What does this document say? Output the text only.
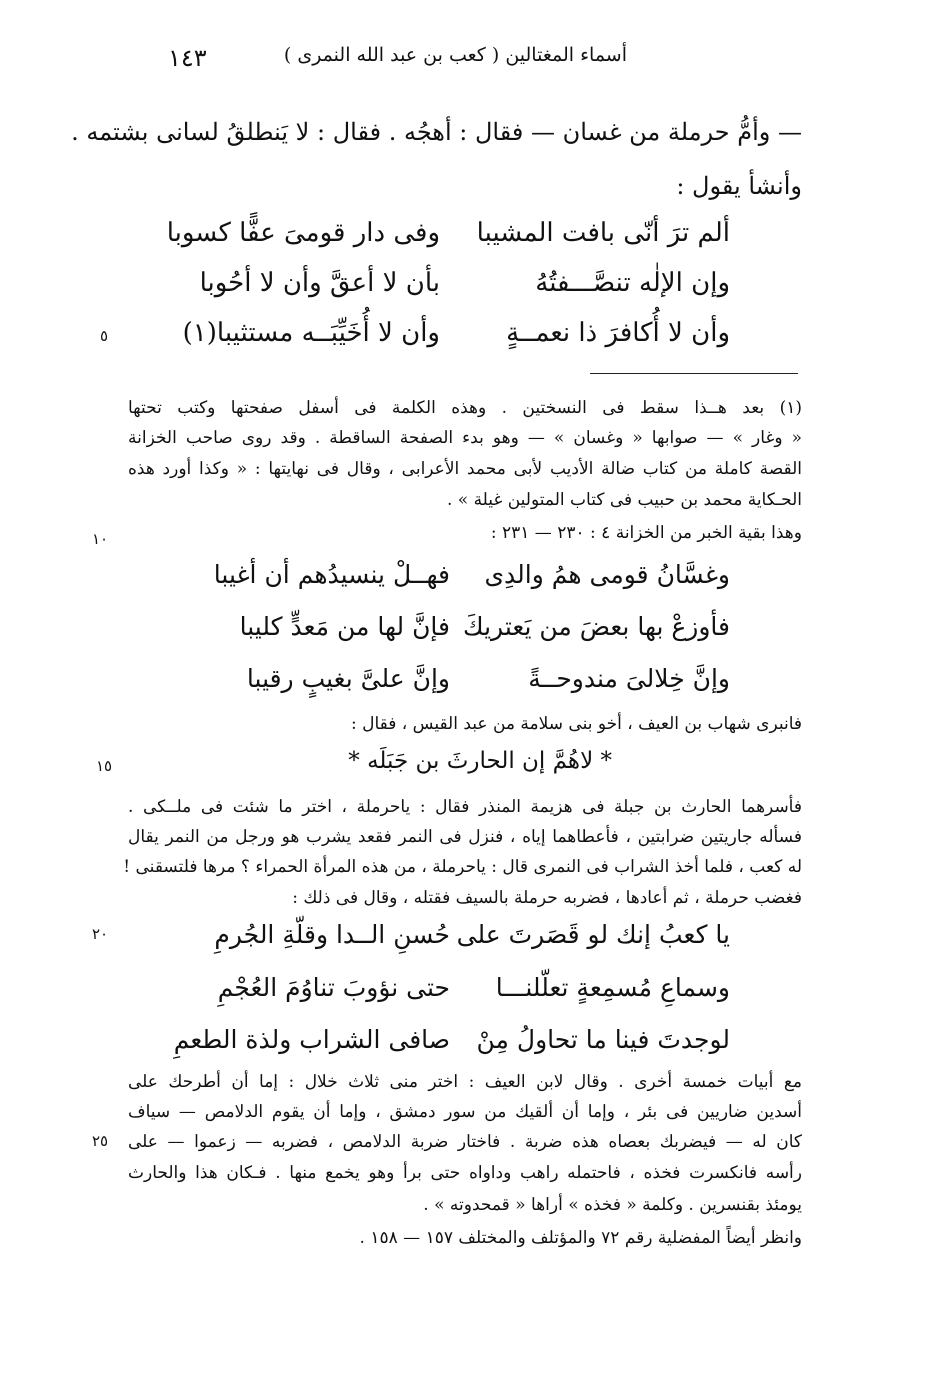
١٤٣	أسماء المغتالين ( كعب بن عبد الله النمرى )
— وأمُّ حرملة من غسان — فقال : أهجُه . فقال : لا يَنطلقُ لسانى بشتمه .
وأنشأ يقول :
ألم ترَ أنّى بافت المشيبا
وفى دار قومىَ عفًّا كسوبا
وإن الإلٰه تنصَّـــفتُهُ
بأن لا أعقَّ وأن لا أحُوبا
وأن لا أُكافرَ ذا نعمــةٍ
وأن لا أُخَيِّبَــه مستثيبا(١)
٥
(١) بعد هــذا سقط فى النسختين . وهذه الكلمة فى أسفل صفحتها وكتب تحتها
« وغار » — صوابها « وغسان » — وهو بدء الصفحة الساقطة . وقد روى صاحب الخزانة
القصة كاملة من كتاب ضالة الأديب لأبى محمد الأعرابى ، وقال فى نهايتها : « وكذا أورد هذه
الحـكاية محمد بن حبيب فى كتاب المتولين غيلة » .
وهذا بقية الخبر من الخزانة ٤ : ٢٣٠ — ٢٣١ :
١٠
وغسَّانُ قومى همُ والدِى
فهــلْ ينسيدُهم أن أغيبا
فأوزعْ بها بعضَ من يَعتريكَ
فإنَّ لها من مَعدٍّ كليبا
وإنَّ خِلالىَ مندوحــةً
وإنَّ علىَّ بغيبٍ رقيبا
فانبرى شهاب بن العيف ، أخو بنى سلامة من عبد القيس ، فقال :
* لاهُمَّ إن الحارثَ بن جَبَلَه *
١٥
فأسرهما الحارث بن جبلة فى هزيمة المنذر فقال : ياحرملة ، اختر ما شئت فى ملــكى .
فسأله جاريتين ضرابتين ، فأعطاهما إياه ، فنزل فى النمر فقعد يشرب هو ورجل من النمر يقال
له كعب ، فلما أخذ الشراب فى النمرى قال : ياحرملة ، من هذه المرأة الحمراء ؟ مرها فلتسقنى !
فغضب حرملة ، ثم أعادها ، فضربه حرملة بالسيف فقتله ، وقال فى ذلك :
٢٠	يا كعبُ إنك لو قَصَرتَ على
حُسنِ الــدا وقلّةِ الجُرمِ
وسماعِ مُسمِعةٍ تعلّلنـــا
حتى نؤوبَ تناوُمَ العُجْمِ
لوجدتَ فينا ما تحاولُ مِنْ
صافى الشراب ولذة الطعمِ
مع أبيات خمسة أخرى . وقال لابن العيف : اختر منى ثلاث خلال : إما أن أطرحك على
أسدين ضاريين فى بئر ، وإما أن ألقيك من سور دمشق ، وإما أن يقوم الدلامص — سياف
كان له — فيضربك بعصاه هذه ضربة . فاختار ضربة الدلامص ، فضربه — زعموا — على
رأسه فانكسرت فخذه ، فاحتمله راهب وداواه حتى برأ وهو يخمع منها . فـكان هذا والحارث
يومئذ بقنسرين . وكلمة « فخذه » أراها « قمحدوته » .
وانظر أيضاً المفضلية رقم ٧٢ والمؤتلف والمختلف ١٥٧ — ١٥٨ .
٢٥
